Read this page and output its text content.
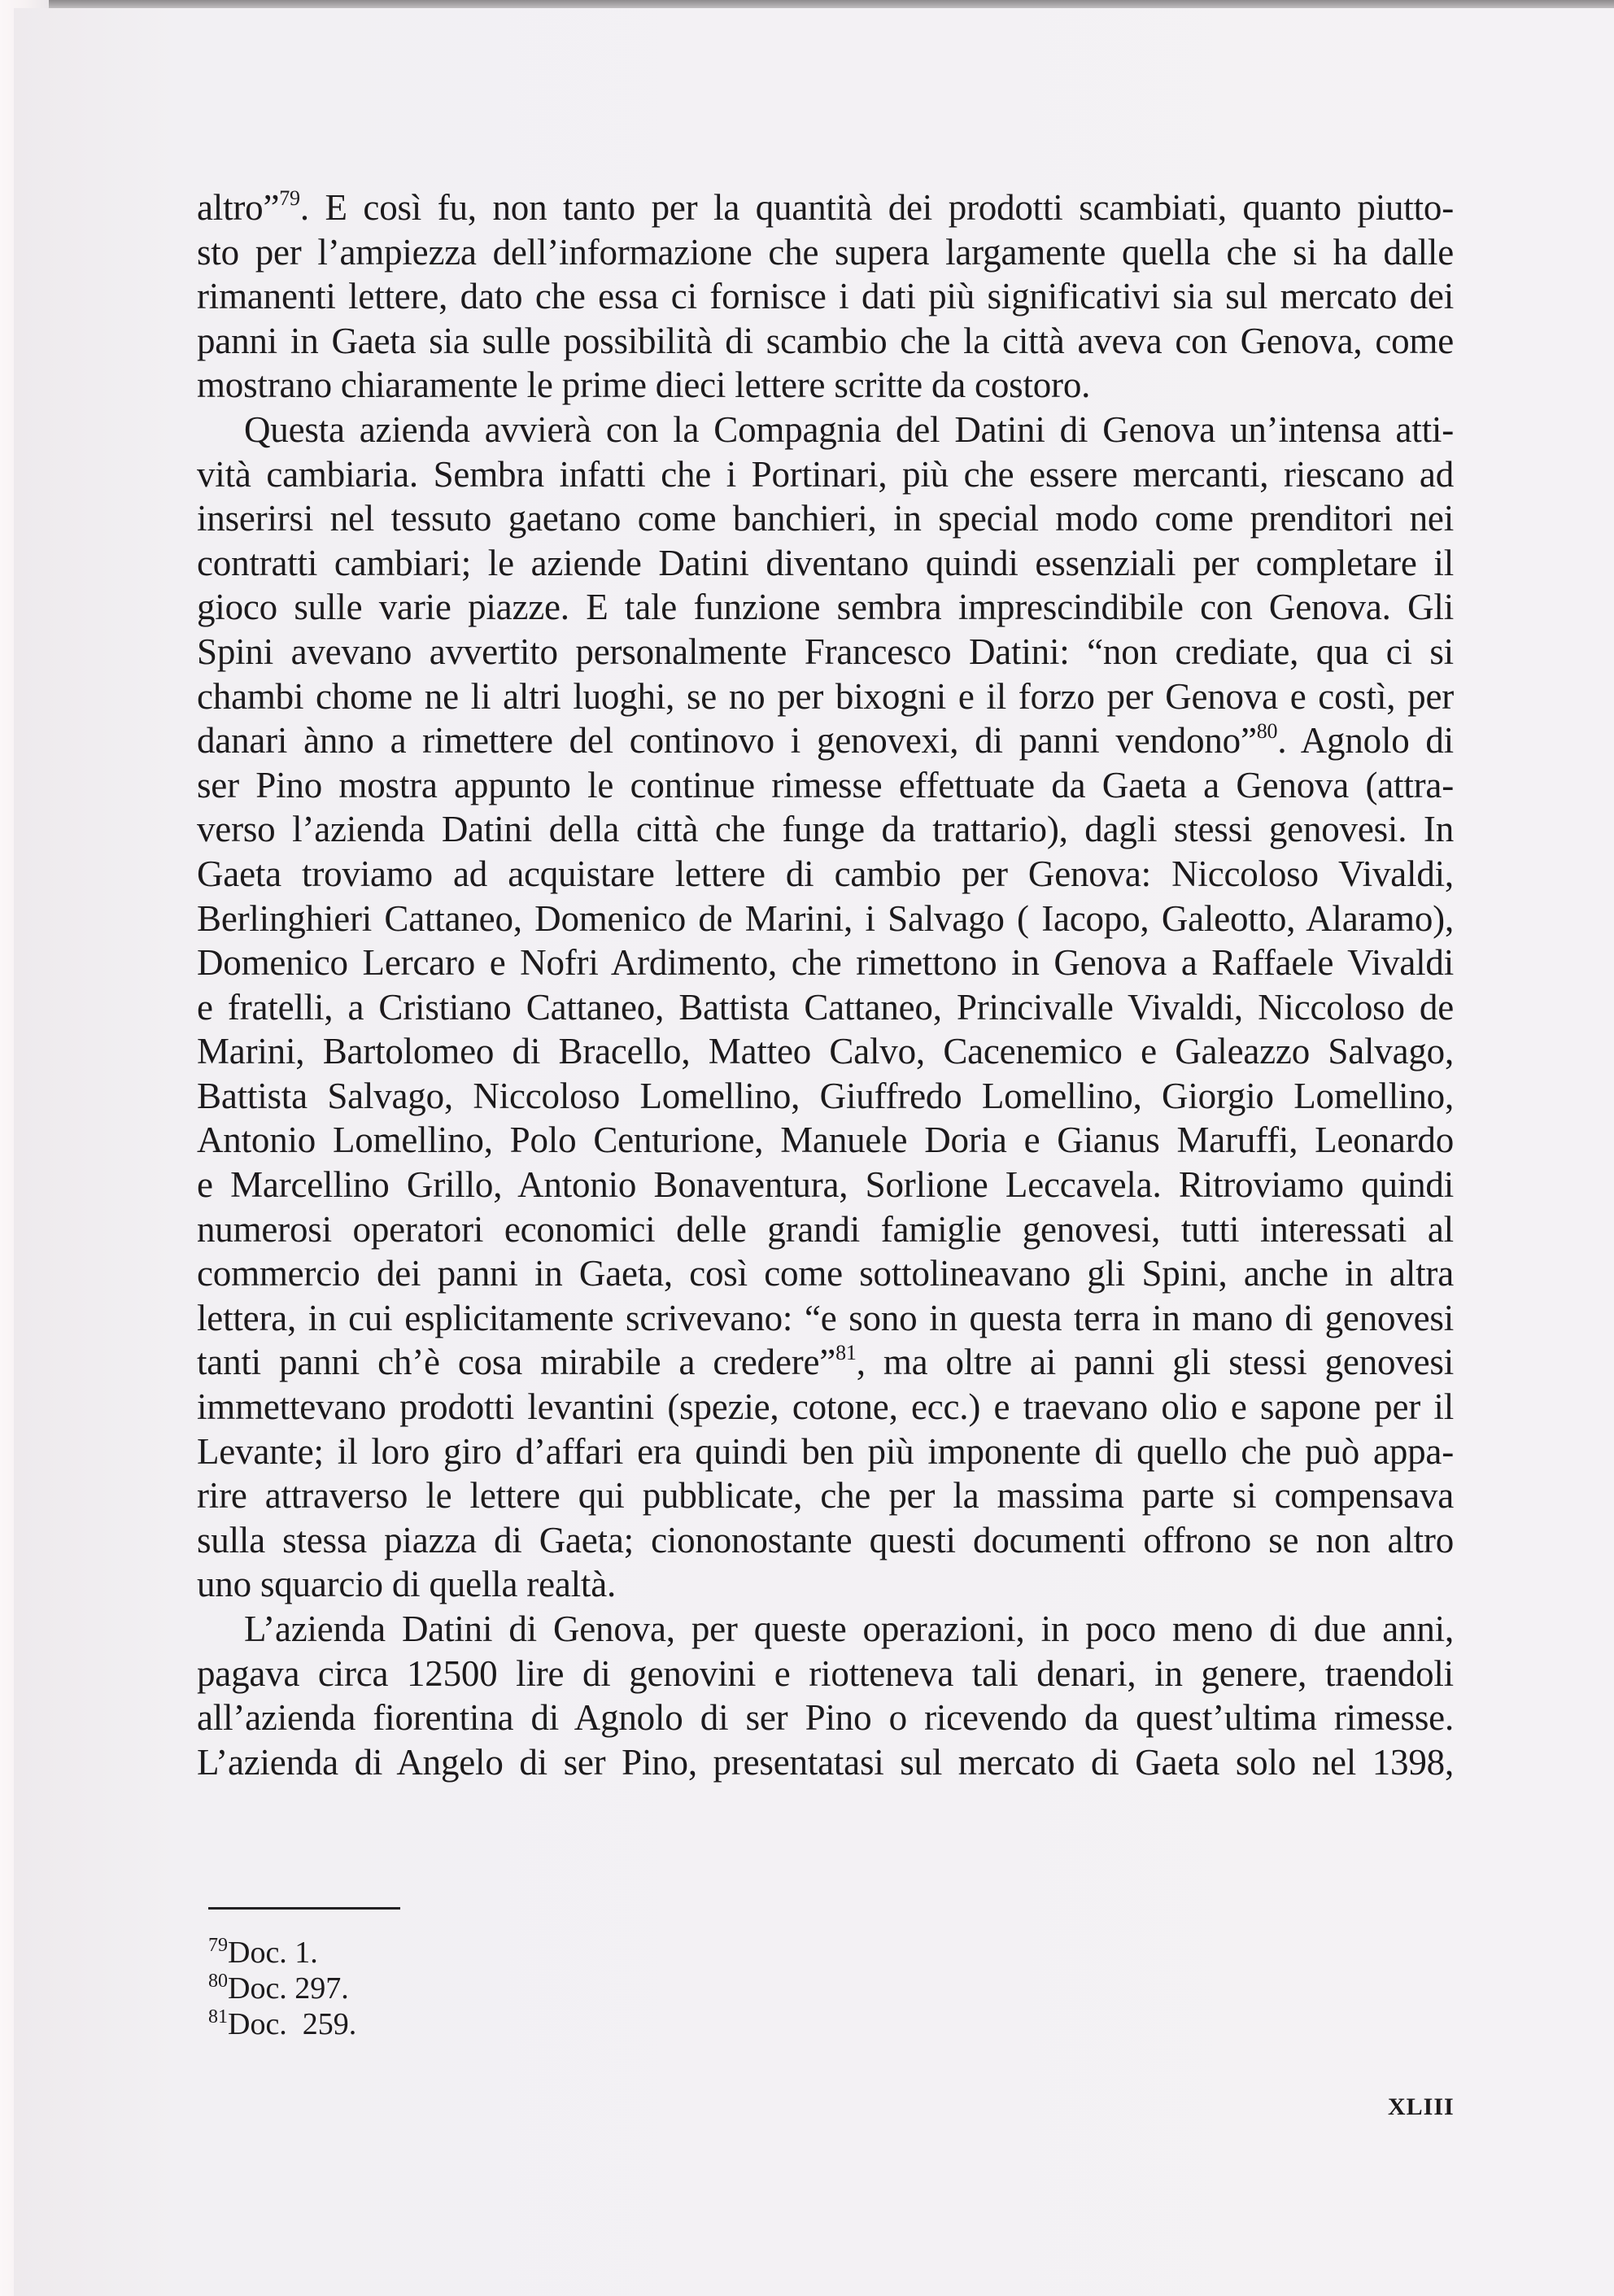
altro”$^{79}$. E così fu, non tanto per la quantità dei prodotti scambiati, quanto piutto-
sto per l’ampiezza dell’informazione che supera largamente quella che si ha dalle
rimanenti lettere, dato che essa ci fornisce i dati più significativi sia sul mercato dei
panni in Gaeta sia sulle possibilità di scambio che la città aveva con Genova, come
mostrano chiaramente le prime dieci lettere scritte da costoro.
Questa azienda avvierà con la Compagnia del Datini di Genova un’intensa atti-
vità cambiaria. Sembra infatti che i Portinari, più che essere mercanti, riescano ad
inserirsi nel tessuto gaetano come banchieri, in special modo come prenditori nei
contratti cambiari; le aziende Datini diventano quindi essenziali per completare il
gioco sulle varie piazze. E tale funzione sembra imprescindibile con Genova. Gli
Spini avevano avvertito personalmente Francesco Datini: “non crediate, qua ci si
chambi chome ne li altri luoghi, se no per bixogni e il forzo per Genova e costì, per
danari ànno a rimettere del continovo i genovexi, di panni vendono”$^{80}$. Agnolo di
ser Pino mostra appunto le continue rimesse effettuate da Gaeta a Genova (attra-
verso l’azienda Datini della città che funge da trattario), dagli stessi genovesi. In
Gaeta troviamo ad acquistare lettere di cambio per Genova: Niccoloso Vivaldi,
Berlinghieri Cattaneo, Domenico de Marini, i Salvago ( Iacopo, Galeotto, Alaramo),
Domenico Lercaro e Nofri Ardimento, che rimettono in Genova a Raffaele Vivaldi
e fratelli, a Cristiano Cattaneo, Battista Cattaneo, Princivalle Vivaldi, Niccoloso de
Marini, Bartolomeo di Bracello, Matteo Calvo, Cacenemico e Galeazzo Salvago,
Battista Salvago, Niccoloso Lomellino, Giuffredo Lomellino, Giorgio Lomellino,
Antonio Lomellino, Polo Centurione, Manuele Doria e Gianus Maruffi, Leonardo
e Marcellino Grillo, Antonio Bonaventura, Sorlione Leccavela. Ritroviamo quindi
numerosi operatori economici delle grandi famiglie genovesi, tutti interessati al
commercio dei panni in Gaeta, così come sottolineavano gli Spini, anche in altra
lettera, in cui esplicitamente scrivevano: “e sono in questa terra in mano di genovesi
tanti panni ch’è cosa mirabile a credere”$^{81}$, ma oltre ai panni gli stessi genovesi
immettevano prodotti levantini (spezie, cotone, ecc.) e traevano olio e sapone per il
Levante; il loro giro d’affari era quindi ben più imponente di quello che può appa-
rire attraverso le lettere qui pubblicate, che per la massima parte si compensava
sulla stessa piazza di Gaeta; ciononostante questi documenti offrono se non altro
uno squarcio di quella realtà.
L’azienda Datini di Genova, per queste operazioni, in poco meno di due anni,
pagava circa 12500 lire di genovini e riotteneva tali denari, in genere, traendoli
all’azienda fiorentina di Agnolo di ser Pino o ricevendo da quest’ultima rimesse.
L’azienda di Angelo di ser Pino, presentatasi sul mercato di Gaeta solo nel 1398,
$^{79}$Doc. 1.
$^{80}$Doc. 297.
$^{81}$Doc.  259.
XLIII
